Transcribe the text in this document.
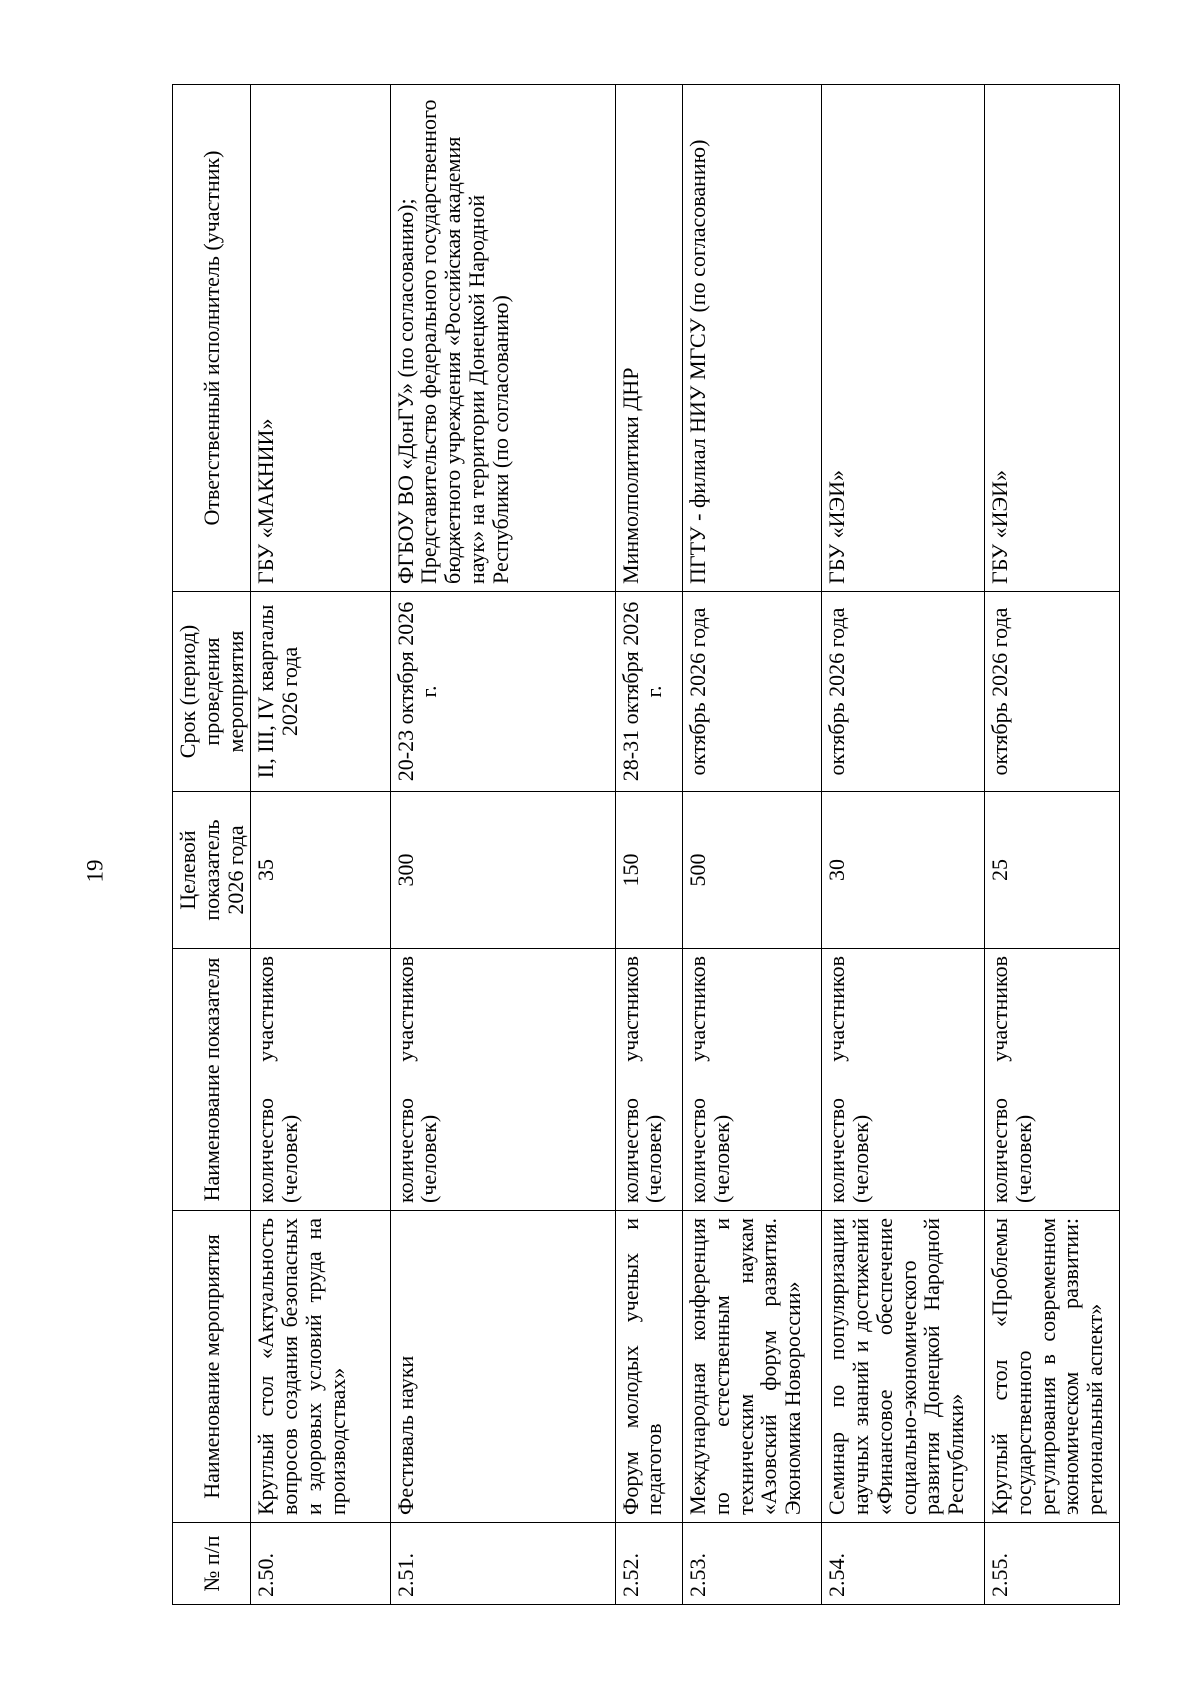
19
№ п/п	Наименование мероприятия	Наименование показателя	Целевой показатель 2026 года	Срок (период) проведения мероприятия	Ответственный исполнитель (участник)
2.50.	Круглый стол «Актуальность вопросов создания безопасных и здоровых условий труда на производствах»	количество участников (человек)	35	II, III, IV кварталы 2026 года	ГБУ «МАКНИИ»
2.51.	Фестиваль науки	количество участников (человек)	300	20-23 октября 2026 г.	ФГБОУ ВО «ДонГУ» (по согласованию); Представительство федерального государственного бюджетного учреждения «Российская академия наук» на территории Донецкой Народной Республики (по согласованию)
2.52.	Форум молодых ученых и педагогов	количество участников (человек)	150	28-31 октября 2026 г.	Минмолполитики ДНР
2.53.	Международная конференция по естественным и техническим наукам «Азовский форум развития. Экономика Новороссии»	количество участников (человек)	500	октябрь 2026 года	ПГТУ - филиал НИУ МГСУ (по согласованию)
2.54.	Семинар по популяризации научных знаний и достижений «Финансовое обеспечение социально-экономического развития Донецкой Народной Республики»	количество участников (человек)	30	октябрь 2026 года	ГБУ «ИЭИ»
2.55.	Круглый стол «Проблемы государственного регулирования в современном экономическом развитии: региональный аспект»	количество участников (человек)	25	октябрь 2026 года	ГБУ «ИЭИ»
